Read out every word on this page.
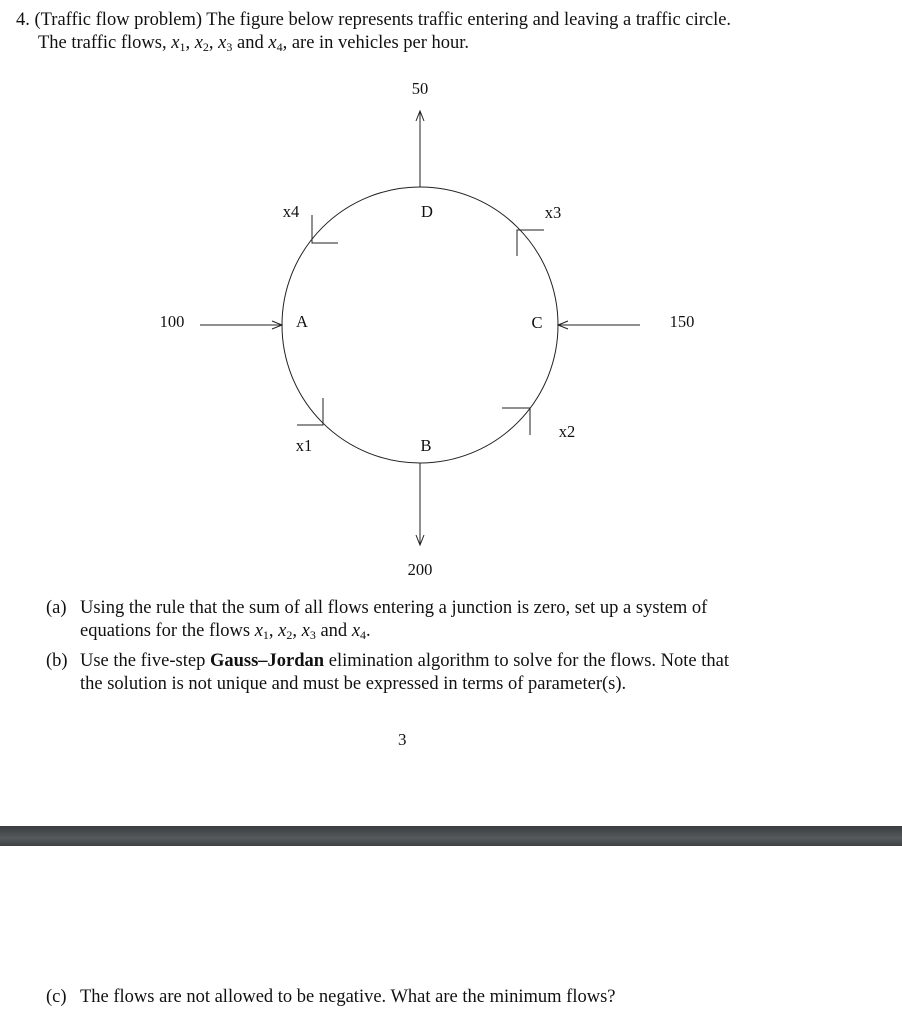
4. (Traffic flow problem) The figure below represents traffic entering and leaving a traffic circle.
The traffic flows, $x_1$, $x_2$, $x_3$ and $x_4$, are in vehicles per hour.
50
200
100	150
A
B
C
D
x1
x2
x3
x4
(a) Using the rule that the sum of all flows entering a junction is zero, set up a system of
equations for the flows $x_1$, $x_2$, $x_3$ and $x_4$.
(b) Use the five-step Gauss–Jordan elimination algorithm to solve for the flows. Note that
the solution is not unique and must be expressed in terms of parameter(s).
3
(c) The flows are not allowed to be negative. What are the minimum flows?
